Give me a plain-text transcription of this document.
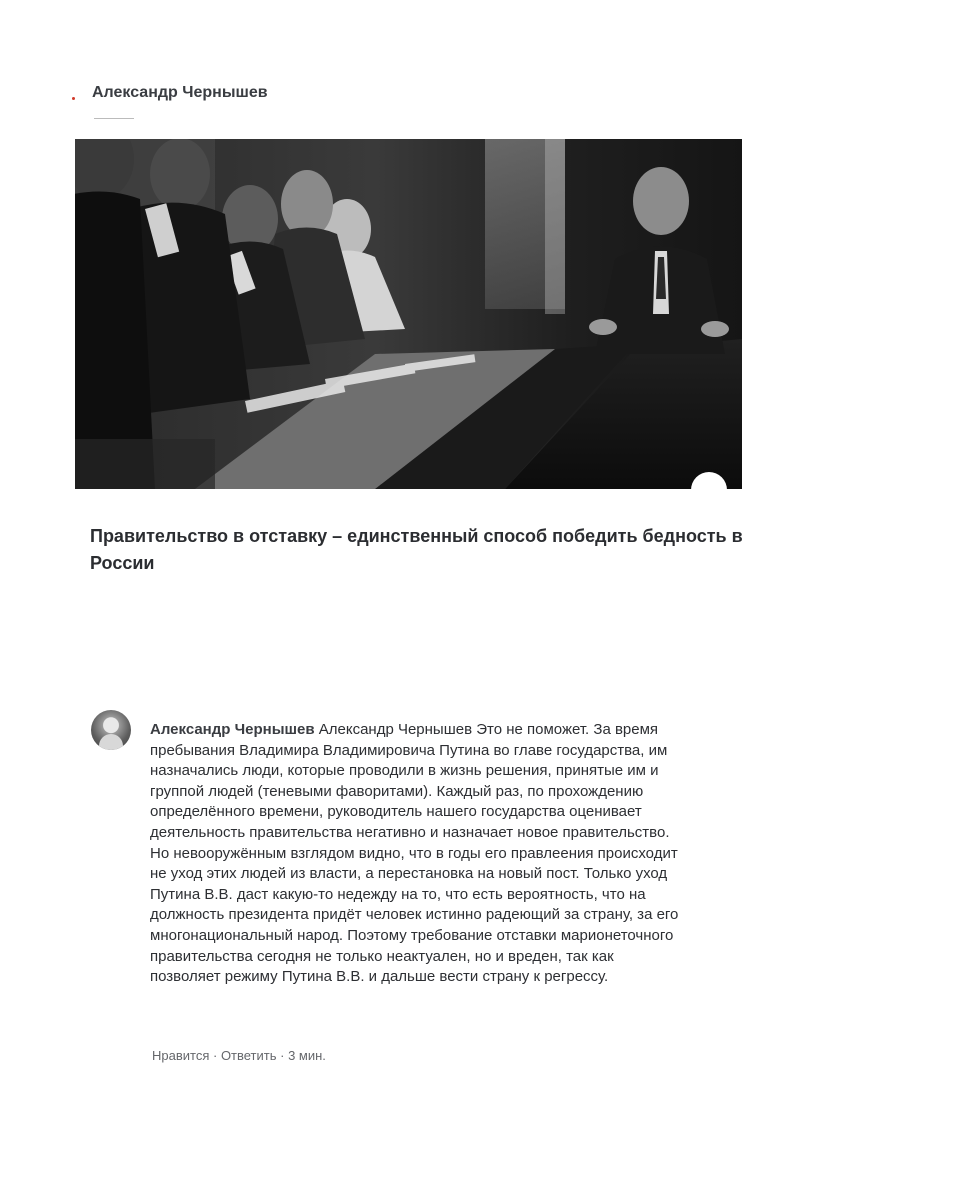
Александр Чернышев
Правительство в отставку – единственный способ победить бедность в России

Александр Чернышев Александр Чернышев Это не поможет. За время пребывания Владимира Владимировича Путина во главе государства, им назначались люди, которые проводили в жизнь решения, принятые им и группой людей (теневыми фаворитами). Каждый раз, по прохождению определённого времени, руководитель нашего государства оценивает деятельность правительства негативно и назначает новое правительство. Но невооружённым взглядом видно, что в годы его правлеения происходит не уход этих людей из власти, а перестановка на новый пост. Только уход Путина В.В. даст какую-то недежду на то, что есть вероятность, что на должность президента придёт человек истинно радеющий за страну, за его многонациональный народ. Поэтому требование отставки марионеточного правительства сегодня не только неактуален, но и вреден, так как позволяет режиму Путина В.В. и дальше вести страну к регрессу.

Нравится · Ответить · 3 мин.
